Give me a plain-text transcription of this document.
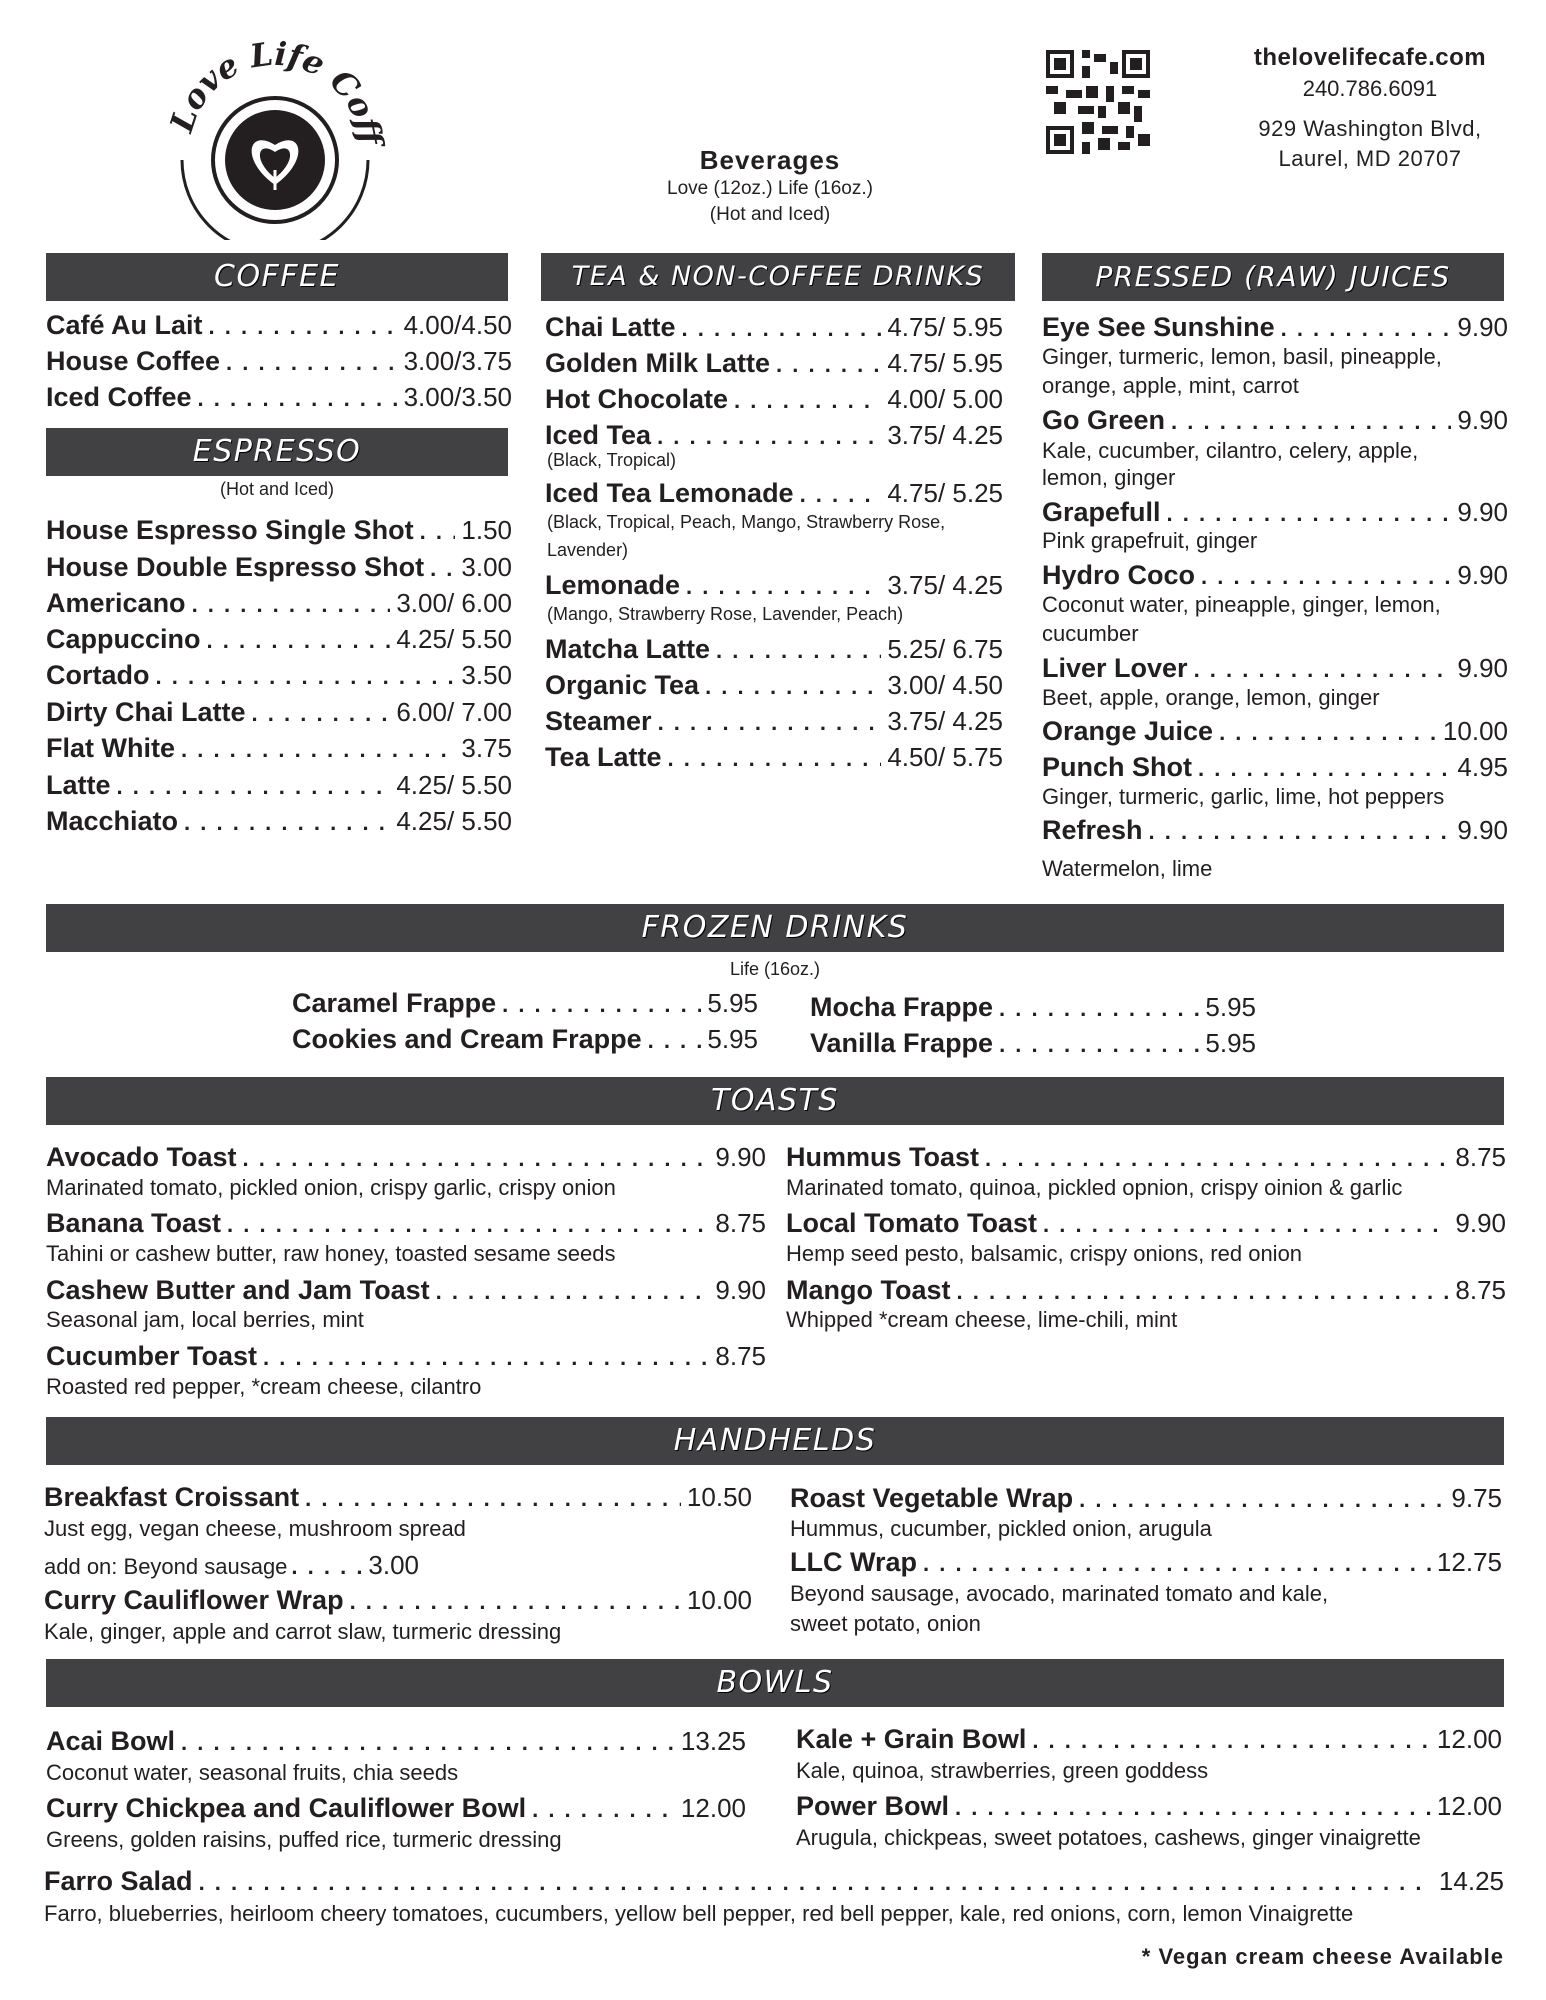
Love Life Coffee
thelovelifecafe.com
240.786.6091
929 Washington Blvd,
Laurel, MD 20707
Beverages
Love (12oz.) Life (16oz.)
(Hot and Iced)
COFFEE
Café Au Lait . . .	4.00/4.50
House Coffee . . .	3.00/3.75
Iced Coffee . . .	3.00/3.50
ESPRESSO
(Hot and Iced)
House Espresso Single Shot . . . 1.50
House Double Espresso Shot . . . 3.00
Americano . . .	3.00/ 6.00
Cappuccino . . .	4.25/ 5.50
Cortado . . .	3.50
Dirty Chai Latte . . .	6.00/ 7.00
Flat White . . .	3.75
Latte . . .	4.25/ 5.50
Macchiato . . .	4.25/ 5.50
TEA & NON-COFFEE DRINKS
Chai Latte . . .	4.75/ 5.95
Golden Milk Latte . . .	4.75/ 5.95
Hot Chocolate . . .	4.00/ 5.00
Iced Tea . . .	3.75/ 4.25
(Black, Tropical)
Iced Tea Lemonade . . .	4.75/ 5.25
(Black, Tropical, Peach, Mango, Strawberry Rose,
Lavender)
Lemonade . . .	3.75/ 4.25
(Mango, Strawberry Rose, Lavender, Peach)
Matcha Latte . . .	5.25/ 6.75
Organic Tea . . .	3.00/ 4.50
Steamer . . .	3.75/ 4.25
Tea Latte . . .	4.50/ 5.75
PRESSED (RAW) JUICES
Eye See Sunshine . . .	9.90
Ginger, turmeric, lemon, basil, pineapple,
orange, apple, mint, carrot
Go Green . . .	9.90
Kale, cucumber, cilantro, celery, apple,
lemon, ginger
Grapefull . . .	9.90
Pink grapefruit, ginger
Hydro Coco . . .	9.90
Coconut water, pineapple, ginger, lemon,
cucumber
Liver Lover . . .	9.90
Beet, apple, orange, lemon, ginger
Orange Juice . . .	10.00
Punch Shot . . .	4.95
Ginger, turmeric, garlic, lime, hot peppers
Refresh . . .	9.90
Watermelon, lime
FROZEN DRINKS
Life (16oz.)
Caramel Frappe . . .	5.95
Cookies and Cream Frappe . . .	5.95
Mocha Frappe . . .	5.95
Vanilla Frappe . . .	5.95
TOASTS
Avocado Toast . . .	9.90
Marinated tomato, pickled onion, crispy garlic, crispy onion
Banana Toast . . .	8.75
Tahini or cashew butter, raw honey, toasted sesame seeds
Cashew Butter and Jam Toast . . .	9.90
Seasonal jam, local berries, mint
Cucumber Toast . . .	8.75
Roasted red pepper, *cream cheese, cilantro
Hummus Toast . . .	8.75
Marinated tomato, quinoa, pickled opnion, crispy oinion & garlic
Local Tomato Toast . . .	9.90
Hemp seed pesto, balsamic, crispy onions, red onion
Mango Toast . . .	8.75
Whipped *cream cheese, lime-chili, mint
HANDHELDS
Breakfast Croissant . . .	10.50
Just egg, vegan cheese, mushroom spread
add on: Beyond sausage . . .	3.00
Curry Cauliflower Wrap . . .	10.00
Kale, ginger, apple and carrot slaw, turmeric dressing
Roast Vegetable Wrap . . .	9.75
Hummus, cucumber, pickled onion, arugula
LLC Wrap . . .	12.75
Beyond sausage, avocado, marinated tomato and kale,
sweet potato, onion
BOWLS
Acai Bowl . . .	13.25
Coconut water, seasonal fruits, chia seeds
Curry Chickpea and Cauliflower Bowl . . .	12.00
Greens, golden raisins, puffed rice, turmeric dressing
Kale + Grain Bowl . . .	12.00
Kale, quinoa, strawberries, green goddess
Power Bowl . . .	12.00
Arugula, chickpeas, sweet potatoes, cashews, ginger vinaigrette
Farro Salad . . .	14.25
Farro, blueberries, heirloom cheery tomatoes, cucumbers, yellow bell pepper, red bell pepper, kale, red onions, corn, lemon Vinaigrette
* Vegan cream cheese Available
